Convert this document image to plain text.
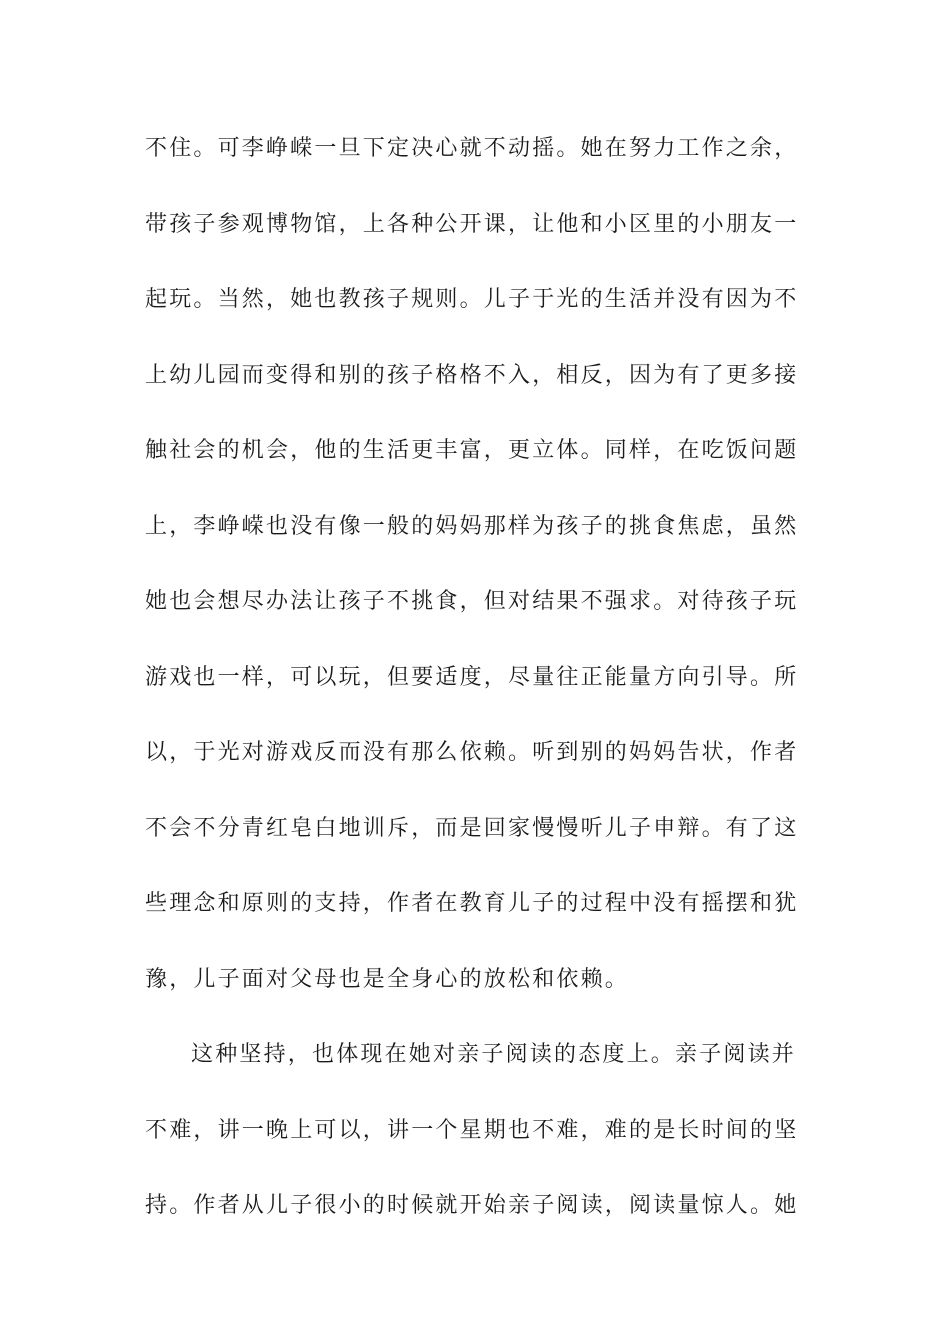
不住。可李峥嵘一旦下定决心就不动摇。她在努力工作之余，
带孩子参观博物馆，上各种公开课，让他和小区里的小朋友一
起玩。当然，她也教孩子规则。儿子于光的生活并没有因为不
上幼儿园而变得和别的孩子格格不入，相反，因为有了更多接
触社会的机会，他的生活更丰富，更立体。同样，在吃饭问题
上，李峥嵘也没有像一般的妈妈那样为孩子的挑食焦虑，虽然
她也会想尽办法让孩子不挑食，但对结果不强求。对待孩子玩
游戏也一样，可以玩，但要适度，尽量往正能量方向引导。所
以，于光对游戏反而没有那么依赖。听到别的妈妈告状，作者
不会不分青红皂白地训斥，而是回家慢慢听儿子申辩。有了这
些理念和原则的支持，作者在教育儿子的过程中没有摇摆和犹
豫，儿子面对父母也是全身心的放松和依赖。
这种坚持，也体现在她对亲子阅读的态度上。亲子阅读并
不难，讲一晚上可以，讲一个星期也不难，难的是长时间的坚
持。作者从儿子很小的时候就开始亲子阅读，阅读量惊人。她
